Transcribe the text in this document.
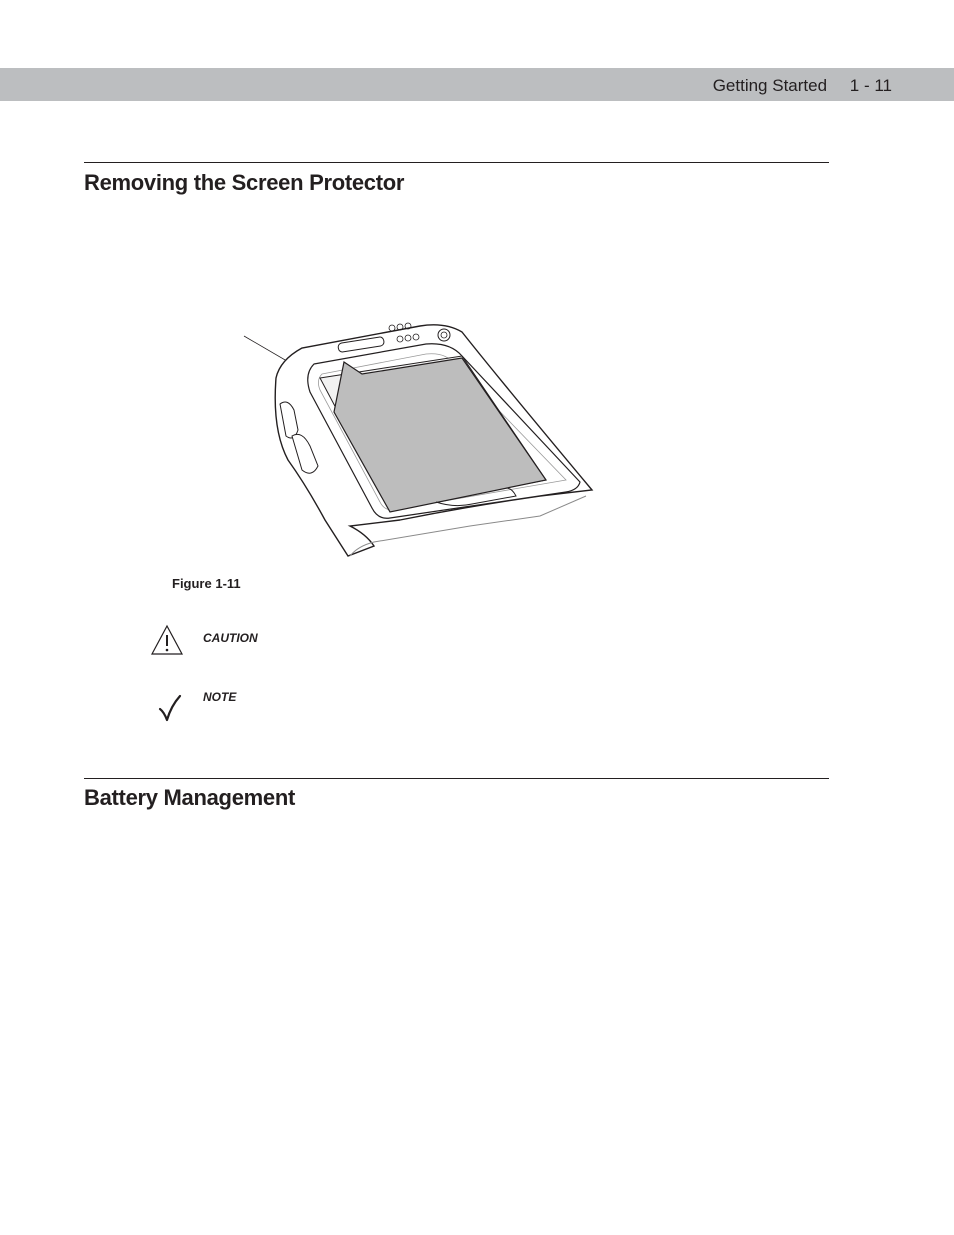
Getting Started 1 - 11
Removing the Screen Protector
Figure 1-11
CAUTION
NOTE
Battery Management
